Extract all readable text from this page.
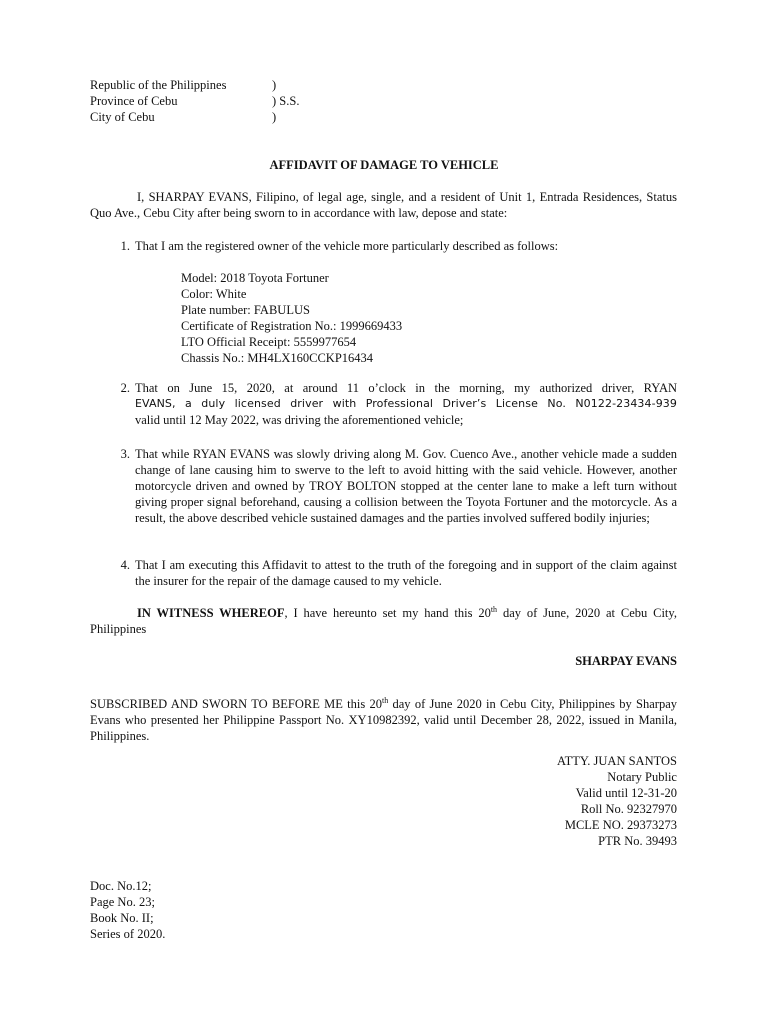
Republic of the Philippines	)
Province of Cebu	) S.S.
City of Cebu	)
AFFIDAVIT OF DAMAGE TO VEHICLE

I, SHARPAY EVANS, Filipino, of legal age, single, and a resident of Unit 1, Entrada Residences, Status Quo Ave., Cebu City after being sworn to in accordance with law, depose and state:

1. That I am the registered owner of the vehicle more particularly described as follows:
Model: 2018 Toyota Fortuner
Color: White
Plate number: FABULUS
Certificate of Registration No.: 1999669433
LTO Official Receipt: 5559977654
Chassis No.: MH4LX160CCKP16434
2. That on June 15, 2020, at around 11 o’clock in the morning, my authorized driver, RYAN
EVANS, a duly licensed driver with Professional Driver’s License No. N0122-23434-939
valid until 12 May 2022, was driving the aforementioned vehicle;
3. That while RYAN EVANS was slowly driving along M. Gov. Cuenco Ave., another vehicle made a sudden change of lane causing him to swerve to the left to avoid hitting with the said vehicle. However, another motorcycle driven and owned by TROY BOLTON stopped at the center lane to make a left turn without giving proper signal beforehand, causing a collision between the Toyota Fortuner and the motorcycle. As a result, the above described vehicle sustained damages and the parties involved suffered bodily injuries;
4. That I am executing this Affidavit to attest to the truth of the foregoing and in support of the claim against the insurer for the repair of the damage caused to my vehicle.

IN WITNESS WHEREOF, I have hereunto set my hand this 20th day of June, 2020 at Cebu City, Philippines

SHARPAY EVANS

SUBSCRIBED AND SWORN TO BEFORE ME this 20th day of June 2020 in Cebu City, Philippines by Sharpay Evans who presented her Philippine Passport No. XY10982392, valid until December 28, 2022, issued in Manila, Philippines.

ATTY. JUAN SANTOS
Notary Public
Valid until 12-31-20
Roll No. 92327970
MCLE NO. 29373273
PTR No. 39493
Doc. No.12;
Page No. 23;
Book No. II;
Series of 2020.
